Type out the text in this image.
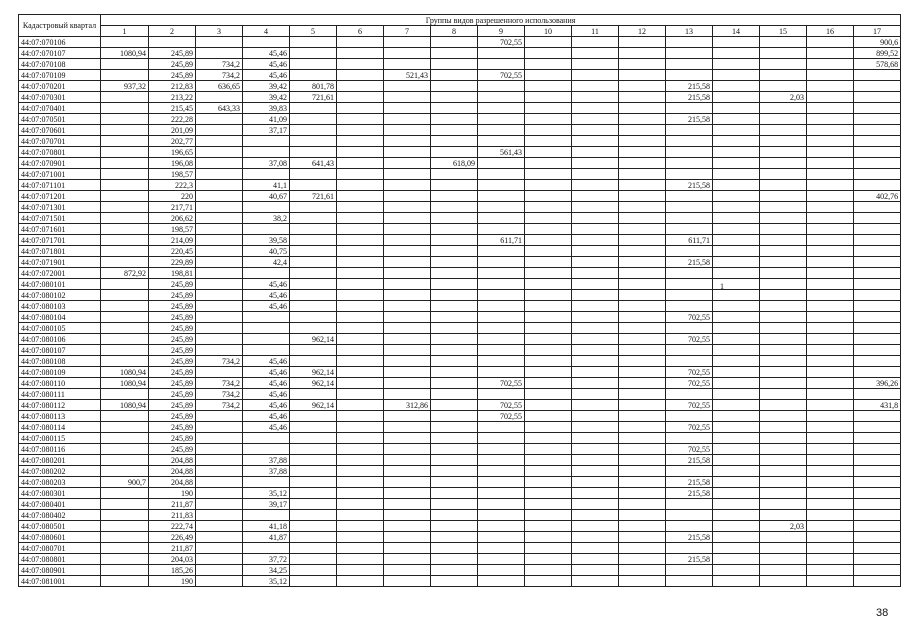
Кадастровый квартал	Группы видов разрешенного использования																
	1	2	3	4	5	6	7	8	9	10	11	12	13	14	15	16	17
44:07:070106									702,55								900,6
44:07:070107	1080,94	245,89		45,46													899,52
44:07:070108		245,89	734,2	45,46													578,68
44:07:070109		245,89	734,2	45,46			521,43		702,55								
44:07:070201	937,32	212,83	636,65	39,42	801,78								215,58				
44:07:070301		213,22		39,42	721,61								215,58		2,03		
44:07:070401		215,45	643,33	39,83													
44:07:070501		222,28		41,09									215,58				
44:07:070601		201,09		37,17													
44:07:070701		202,77															
44:07:070801		196,65							561,43								
44:07:070901		196,08		37,08	641,43			618,09									
44:07:071001		198,57															
44:07:071101		222,3		41,1									215,58				
44:07:071201		220		40,67	721,61												402,76
44:07:071301		217,71															
44:07:071501		206,62		38,2													
44:07:071601		198,57															
44:07:071701		214,09		39,58					611,71				611,71				
44:07:071801		220,45		40,75													
44:07:071901		229,89		42,4									215,58				
44:07:072001	872,92	198,81															
44:07:080101		245,89		45,46													
44:07:080102		245,89		45,46													
44:07:080103		245,89		45,46													
44:07:080104		245,89											702,55				
44:07:080105		245,89															
44:07:080106		245,89			962,14								702,55				
44:07:080107		245,89															
44:07:080108		245,89	734,2	45,46													
44:07:080109	1080,94	245,89		45,46	962,14								702,55				
44:07:080110	1080,94	245,89	734,2	45,46	962,14				702,55				702,55				396,26
44:07:080111		245,89	734,2	45,46													
44:07:080112	1080,94	245,89	734,2	45,46	962,14		312,86		702,55				702,55				431,8
44:07:080113		245,89		45,46					702,55								
44:07:080114		245,89		45,46									702,55				
44:07:080115		245,89															
44:07:080116		245,89											702,55				
44:07:080201		204,88		37,88									215,58				
44:07:080202		204,88		37,88													
44:07:080203	900,7	204,88											215,58				
44:07:080301		190		35,12									215,58				
44:07:080401		211,87		39,17													
44:07:080402		211,83															
44:07:080501		222,74		41,18											2,03		
44:07:080601		226,49		41,87									215,58				
44:07:080701		211,87															
44:07:080801		204,03		37,72									215,58				
44:07:080901		185,26		34,25													
44:07:081001		190		35,12													
1
38
